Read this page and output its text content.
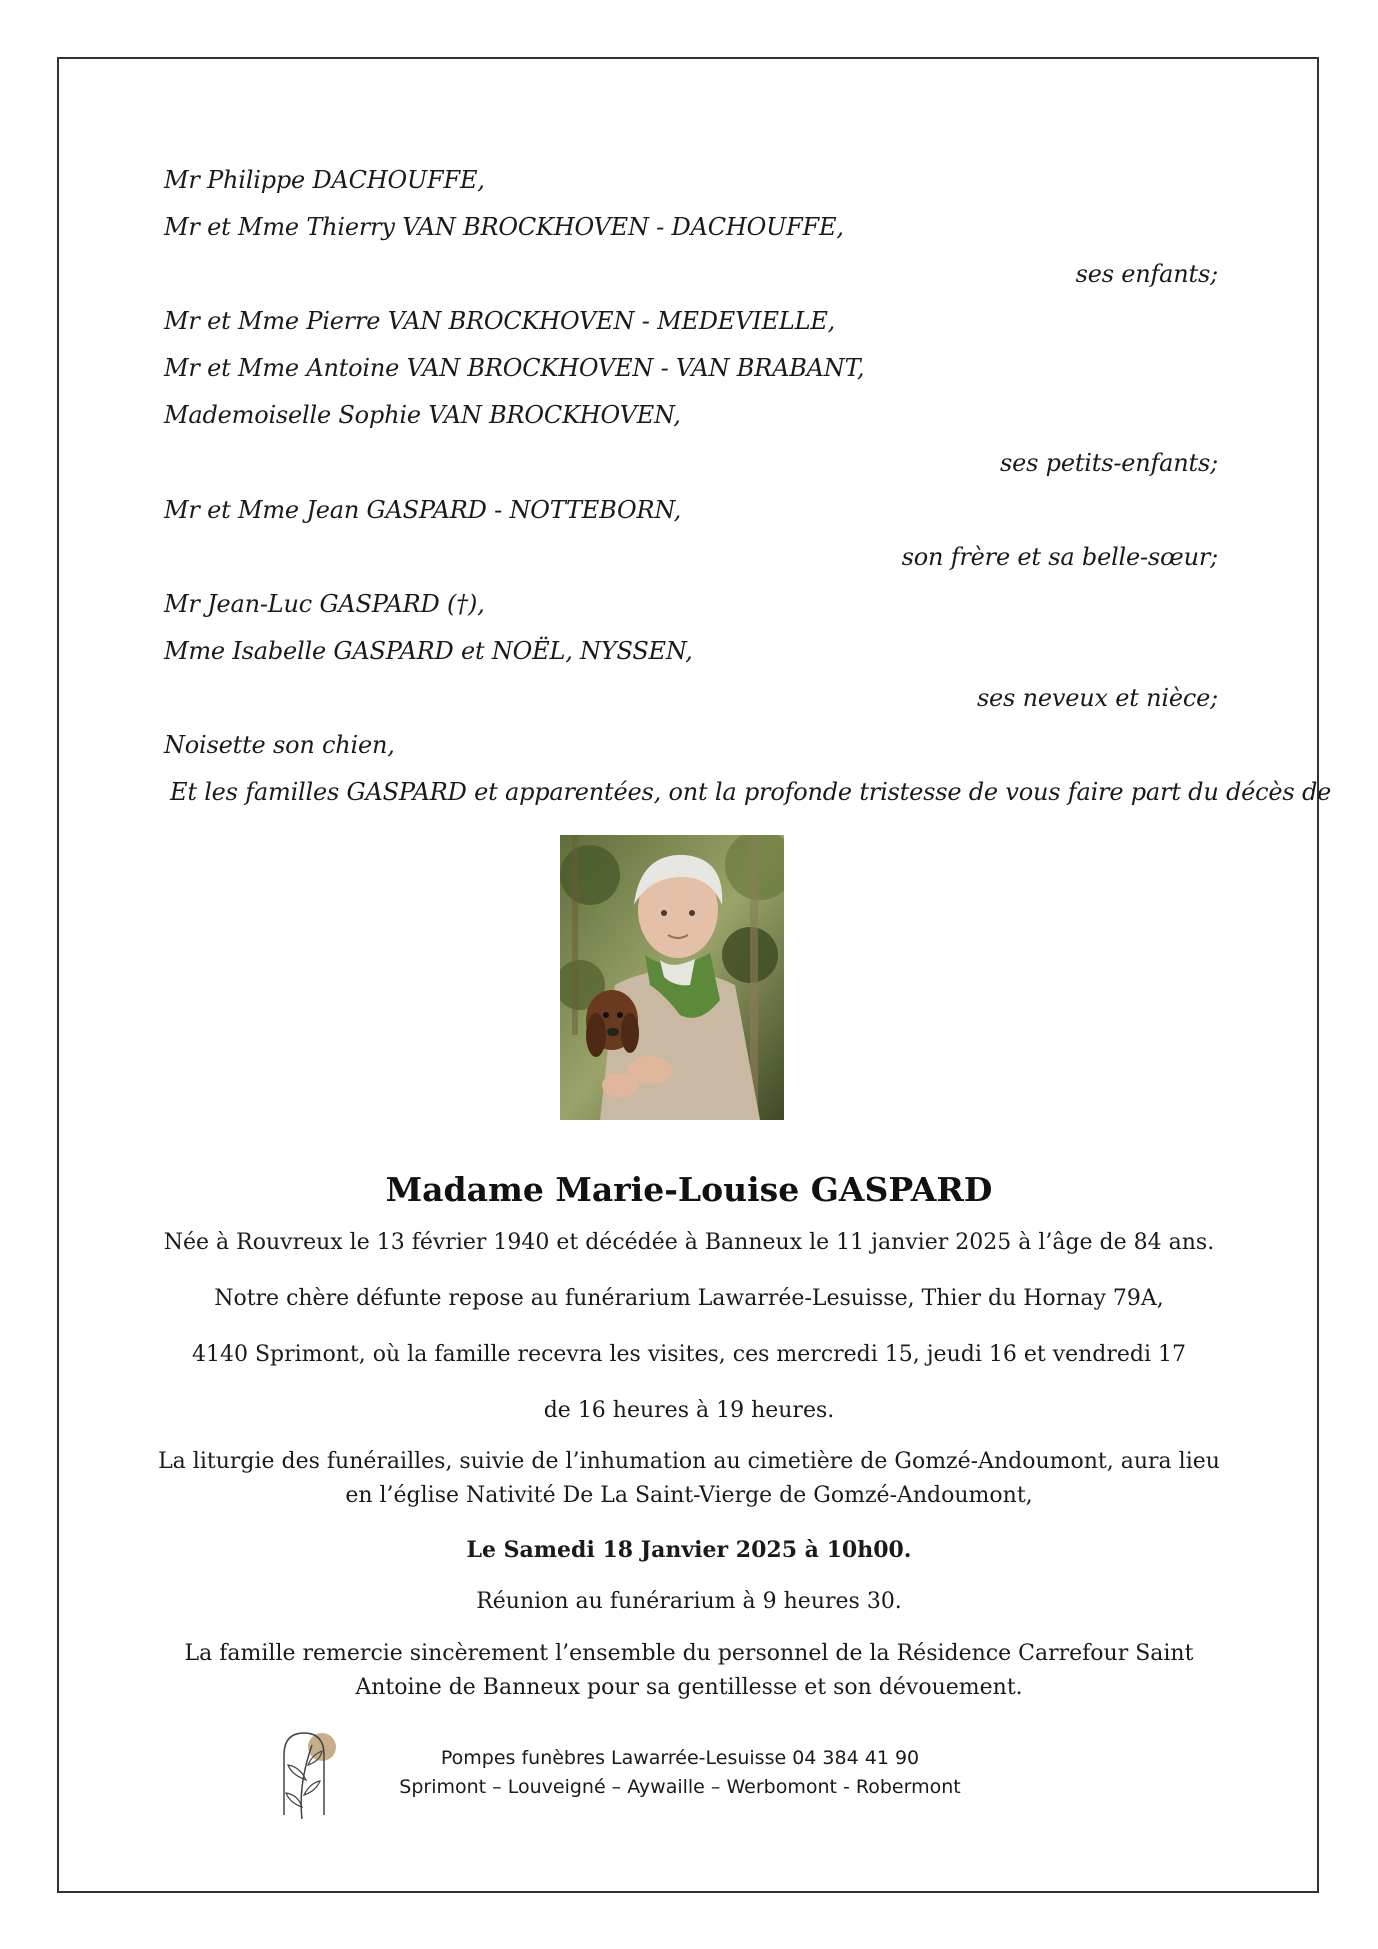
Mr Philippe DACHOUFFE,
Mr et Mme Thierry VAN BROCKHOVEN - DACHOUFFE,
ses enfants;
Mr et Mme Pierre VAN BROCKHOVEN - MEDEVIELLE,
Mr et Mme Antoine VAN BROCKHOVEN - VAN BRABANT,
Mademoiselle Sophie VAN BROCKHOVEN,
ses petits-enfants;
Mr et Mme Jean GASPARD - NOTTEBORN,
son frère et sa belle-sœur;
Mr Jean-Luc GASPARD (†),
Mme Isabelle GASPARD et NOËL, NYSSEN,
ses neveux et nièce;
Noisette son chien,
Et les familles GASPARD et apparentées, ont la profonde tristesse de vous faire part du décès de
Madame Marie-Louise GASPARD
Née à Rouvreux le 13 février 1940 et décédée à Banneux le 11 janvier 2025 à l’âge de 84 ans.
Notre chère défunte repose au funérarium Lawarrée-Lesuisse, Thier du Hornay 79A,
4140 Sprimont, où la famille recevra les visites, ces mercredi 15, jeudi 16 et vendredi 17
de 16 heures à 19 heures.
La liturgie des funérailles, suivie de l’inhumation au cimetière de Gomzé-Andoumont, aura lieu
en l’église Nativité De La Saint-Vierge de Gomzé-Andoumont,
Le Samedi 18 Janvier 2025 à 10h00.
Réunion au funérarium à 9 heures 30.
La famille remercie sincèrement l’ensemble du personnel de la Résidence Carrefour Saint
Antoine de Banneux pour sa gentillesse et son dévouement.
Pompes funèbres Lawarrée-Lesuisse 04 384 41 90
Sprimont – Louveigné – Aywaille – Werbomont - Robermont
